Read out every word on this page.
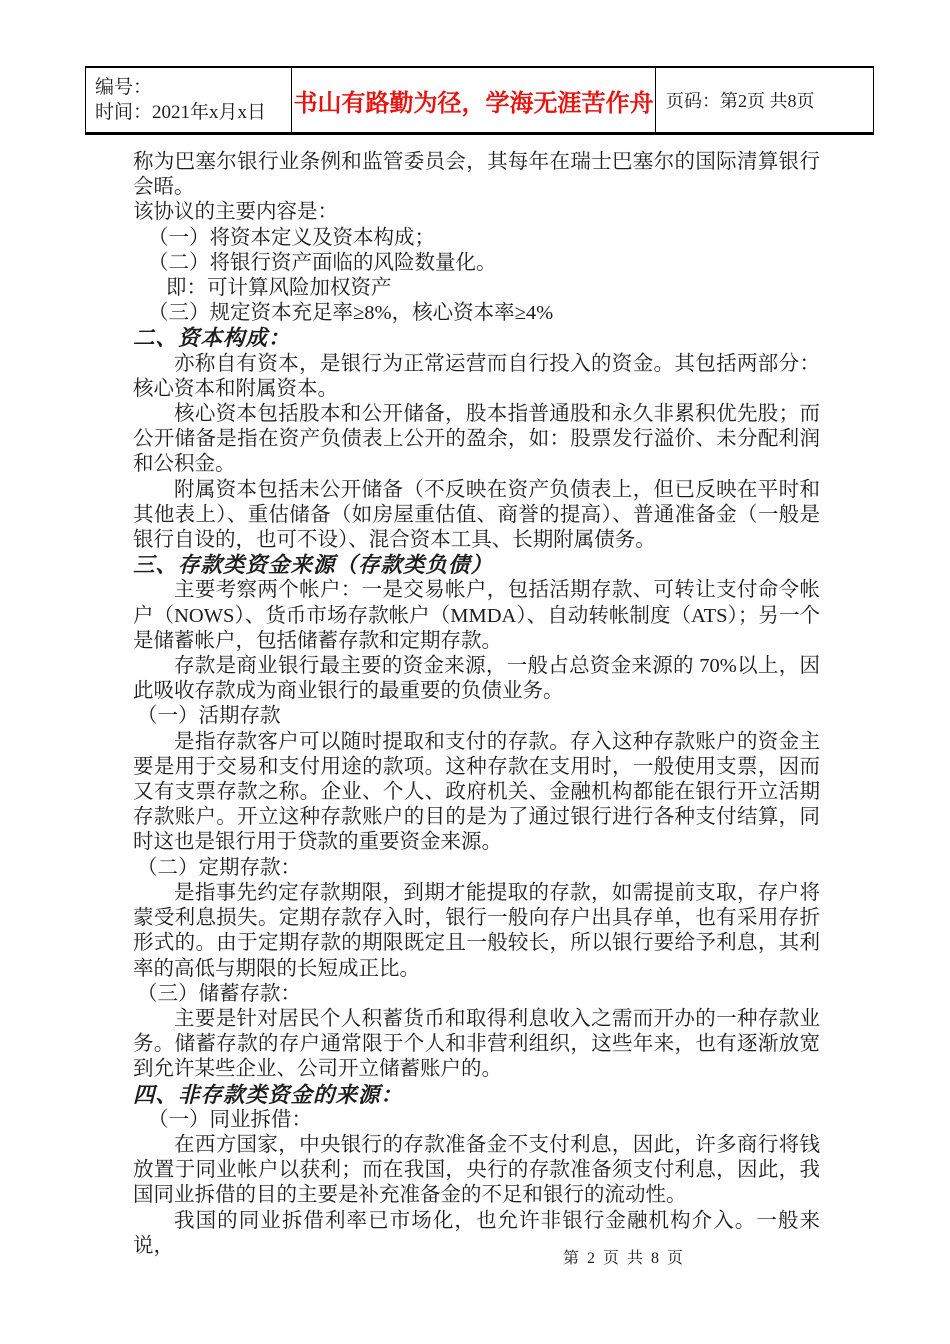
编号：
时间：2021年x月x日	书山有路勤为径，学海无涯苦作舟	页码：第2页 共8页

称为巴塞尔银行业条例和监管委员会，其每年在瑞士巴塞尔的国际清算银行会晤。

该协议的主要内容是：

（一）将资本定义及资本构成；

（二）将银行资产面临的风险数量化。

即：可计算风险加权资产

（三）规定资本充足率≥8%，核心资本率≥4%

二、资本构成：

亦称自有资本，是银行为正常运营而自行投入的资金。其包括两部分：核心资本和附属资本。

核心资本包括股本和公开储备，股本指普通股和永久非累积优先股；而公开储备是指在资产负债表上公开的盈余，如：股票发行溢价、未分配利润和公积金。

附属资本包括未公开储备（不反映在资产负债表上，但已反映在平时和其他表上）、重估储备（如房屋重估值、商誉的提高）、普通准备金（一般是银行自设的，也可不设）、混合资本工具、长期附属债务。

三、存款类资金来源（存款类负债）

主要考察两个帐户：一是交易帐户，包括活期存款、可转让支付命令帐户（NOWS）、货币市场存款帐户（MMDA）、自动转帐制度（ATS）；另一个是储蓄帐户，包括储蓄存款和定期存款。

存款是商业银行最主要的资金来源，一般占总资金来源的 70%以上，因此吸收存款成为商业银行的最重要的负债业务。

（一）活期存款

是指存款客户可以随时提取和支付的存款。存入这种存款账户的资金主要是用于交易和支付用途的款项。这种存款在支用时，一般使用支票，因而又有支票存款之称。企业、个人、政府机关、金融机构都能在银行开立活期存款账户。开立这种存款账户的目的是为了通过银行进行各种支付结算，同时这也是银行用于贷款的重要资金来源。

（二）定期存款：

是指事先约定存款期限，到期才能提取的存款，如需提前支取，存户将蒙受利息损失。定期存款存入时，银行一般向存户出具存单，也有采用存折形式的。由于定期存款的期限既定且一般较长，所以银行要给予利息，其利率的高低与期限的长短成正比。

（三）储蓄存款：

主要是针对居民个人积蓄货币和取得利息收入之需而开办的一种存款业务。储蓄存款的存户通常限于个人和非营利组织，这些年来，也有逐渐放宽到允许某些企业、公司开立储蓄账户的。

四、非存款类资金的来源：

（一）同业拆借：

在西方国家，中央银行的存款准备金不支付利息，因此，许多商行将钱放置于同业帐户以获利；而在我国，央行的存款准备须支付利息，因此，我国同业拆借的目的主要是补充准备金的不足和银行的流动性。

我国的同业拆借利率已市场化，也允许非银行金融机构介入。一般来说，

第 2 页 共 8 页
